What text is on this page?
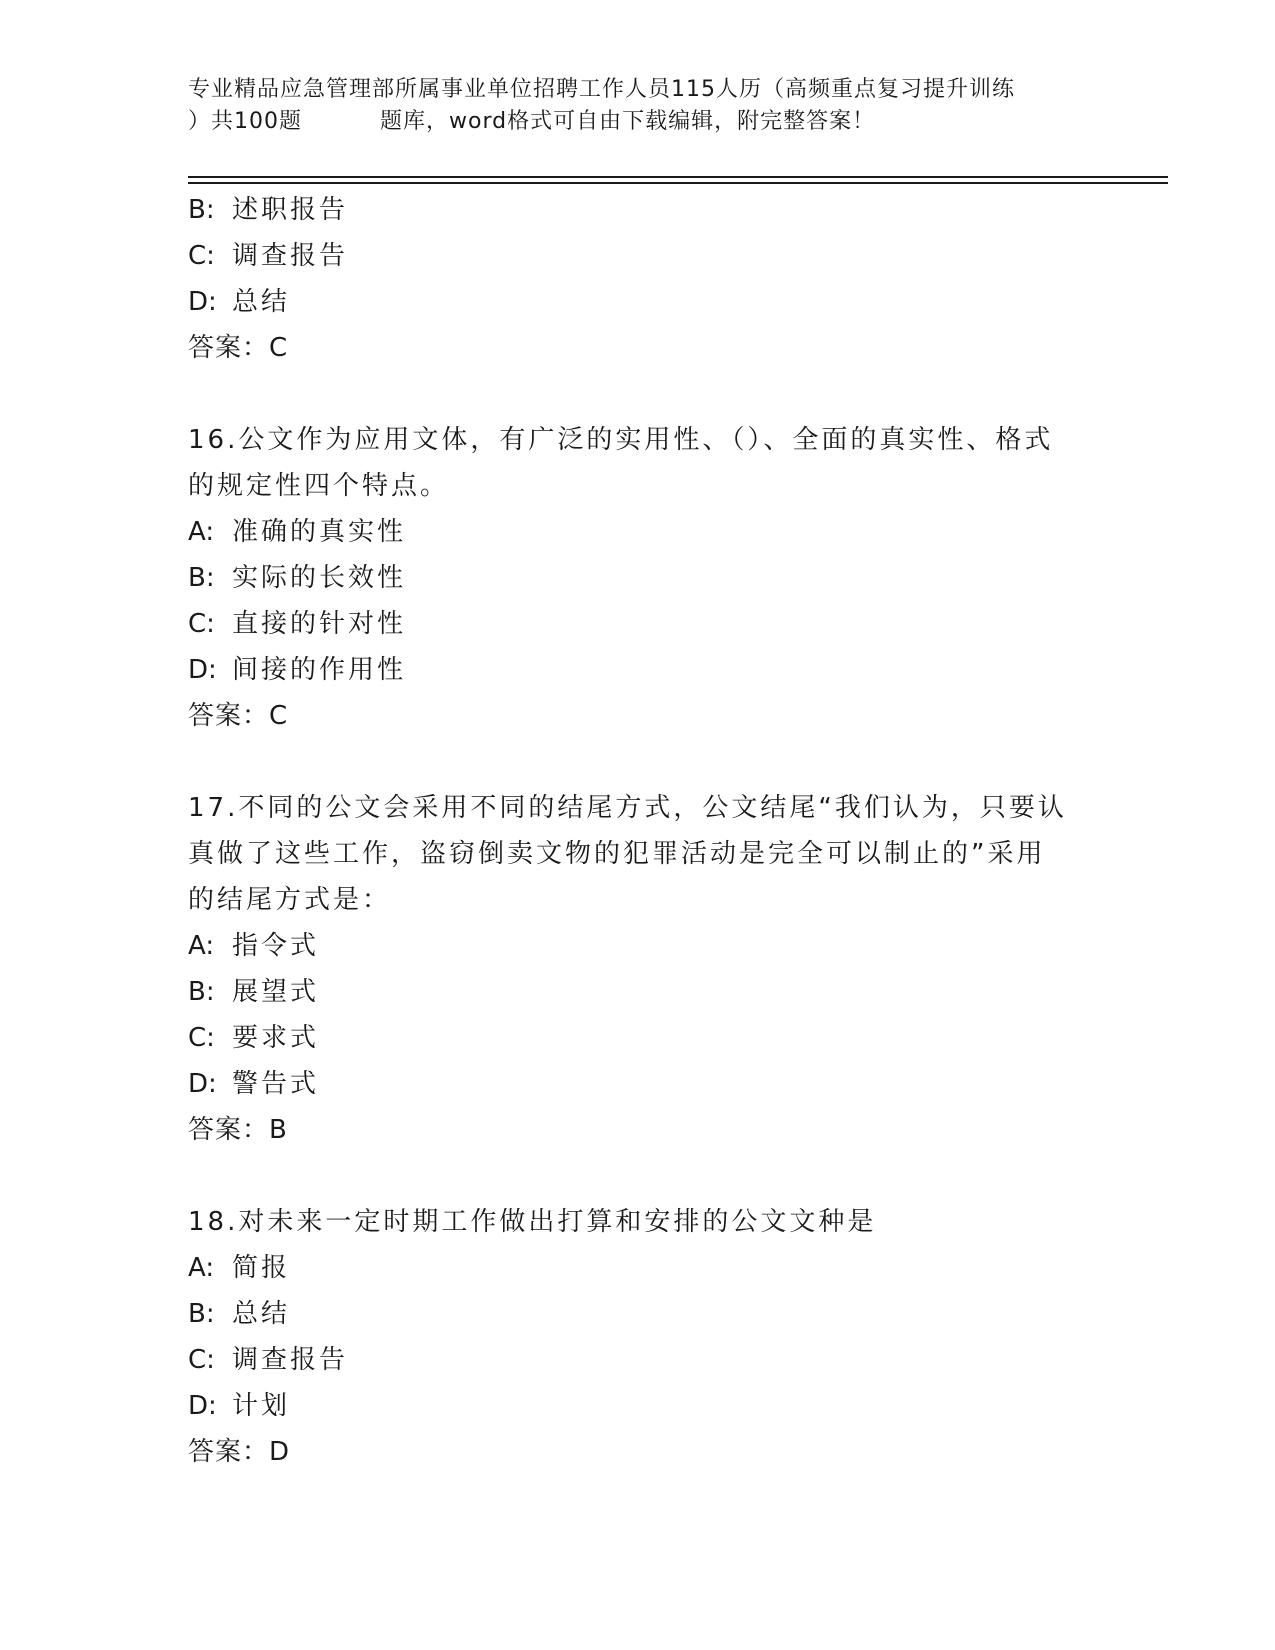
专业精品应急管理部所属事业单位招聘工作人员115人历（高频重点复习提升训练
）共100题	题库，word格式可自由下载编辑，附完整答案！
B: 述职报告
C: 调查报告
D: 总结
答案：C
16.公文作为应用文体，有广泛的实用性、（）、全面的真实性、格式
的规定性四个特点。
A: 准确的真实性
B: 实际的长效性
C: 直接的针对性
D: 间接的作用性
答案：C
17.不同的公文会采用不同的结尾方式，公文结尾“我们认为，只要认
真做了这些工作，盗窃倒卖文物的犯罪活动是完全可以制止的”采用
的结尾方式是：
A: 指令式
B: 展望式
C: 要求式
D: 警告式
答案：B
18.对未来一定时期工作做出打算和安排的公文文种是
A: 简报
B: 总结
C: 调查报告
D: 计划
答案：D
